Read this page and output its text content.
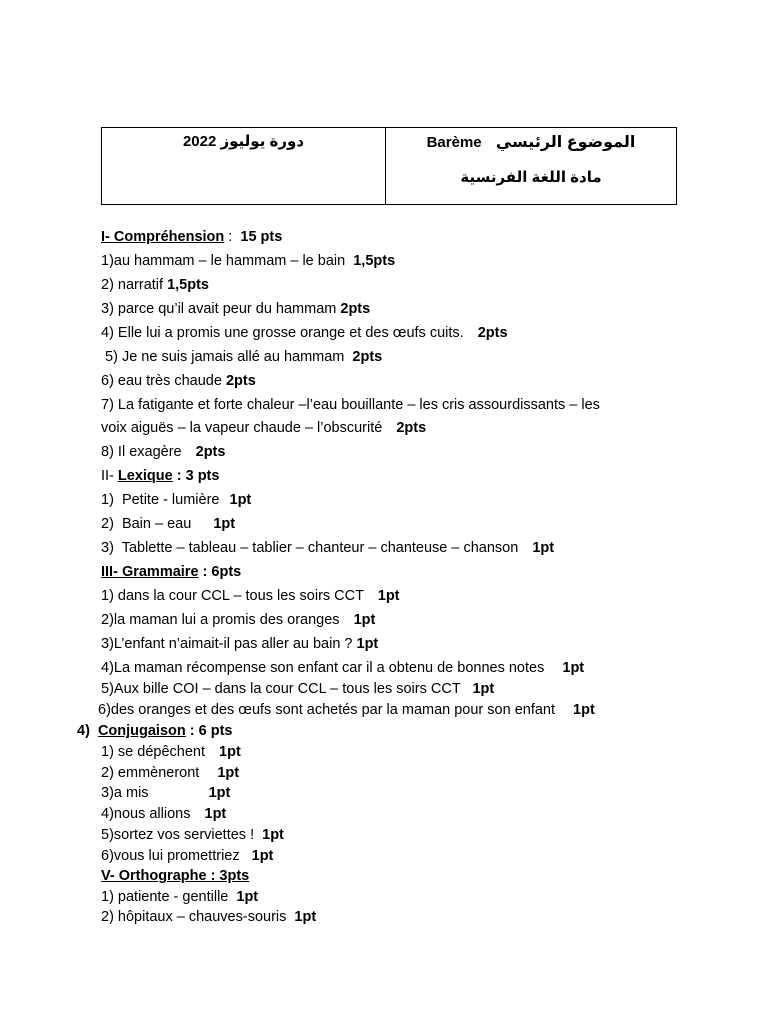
دورة يوليوز 2022	Barème الموضوع الرئيسي
مادة اللغة الفرنسية
I- Compréhension :  15 pts
1)au hammam – le hammam – le bain 1,5pts
2) narratif 1,5pts
3) parce qu’il avait peur du hammam 2pts
4) Elle lui a promis une grosse orange et des œufs cuits. 2pts
5) Je ne suis jamais allé au hammam 2pts
6) eau très chaude 2pts
7) La fatigante et forte chaleur –l’eau bouillante – les cris assourdissants – les
voix aiguës – la vapeur chaude – l’obscurité 2pts
8) Il exagère 2pts
II- Lexique : 3 pts
1)  Petite - lumière 1pt
2)  Bain – eau 1pt
3)  Tablette – tableau – tablier – chanteur – chanteuse – chanson 1pt
III- Grammaire : 6pts
1) dans la cour CCL – tous les soirs CCT 1pt
2)la maman lui a promis des oranges 1pt
3)L’enfant n’aimait-il pas aller au bain ? 1pt
4)La maman récompense son enfant car il a obtenu de bonnes notes 1pt
5)Aux bille COI – dans la cour CCL – tous les soirs CCT 1pt
6)des oranges et des œufs sont achetés par la maman pour son enfant 1pt
4) Conjugaison : 6 pts
1) se dépêchent 1pt
2) emmèneront 1pt
3)a mis	1pt
4)nous allions 1pt
5)sortez vos serviettes ! 1pt
6)vous lui promettriez 1pt
V- Orthographe : 3pts
1) patiente - gentille 1pt
2) hôpitaux – chauves-souris 1pt
